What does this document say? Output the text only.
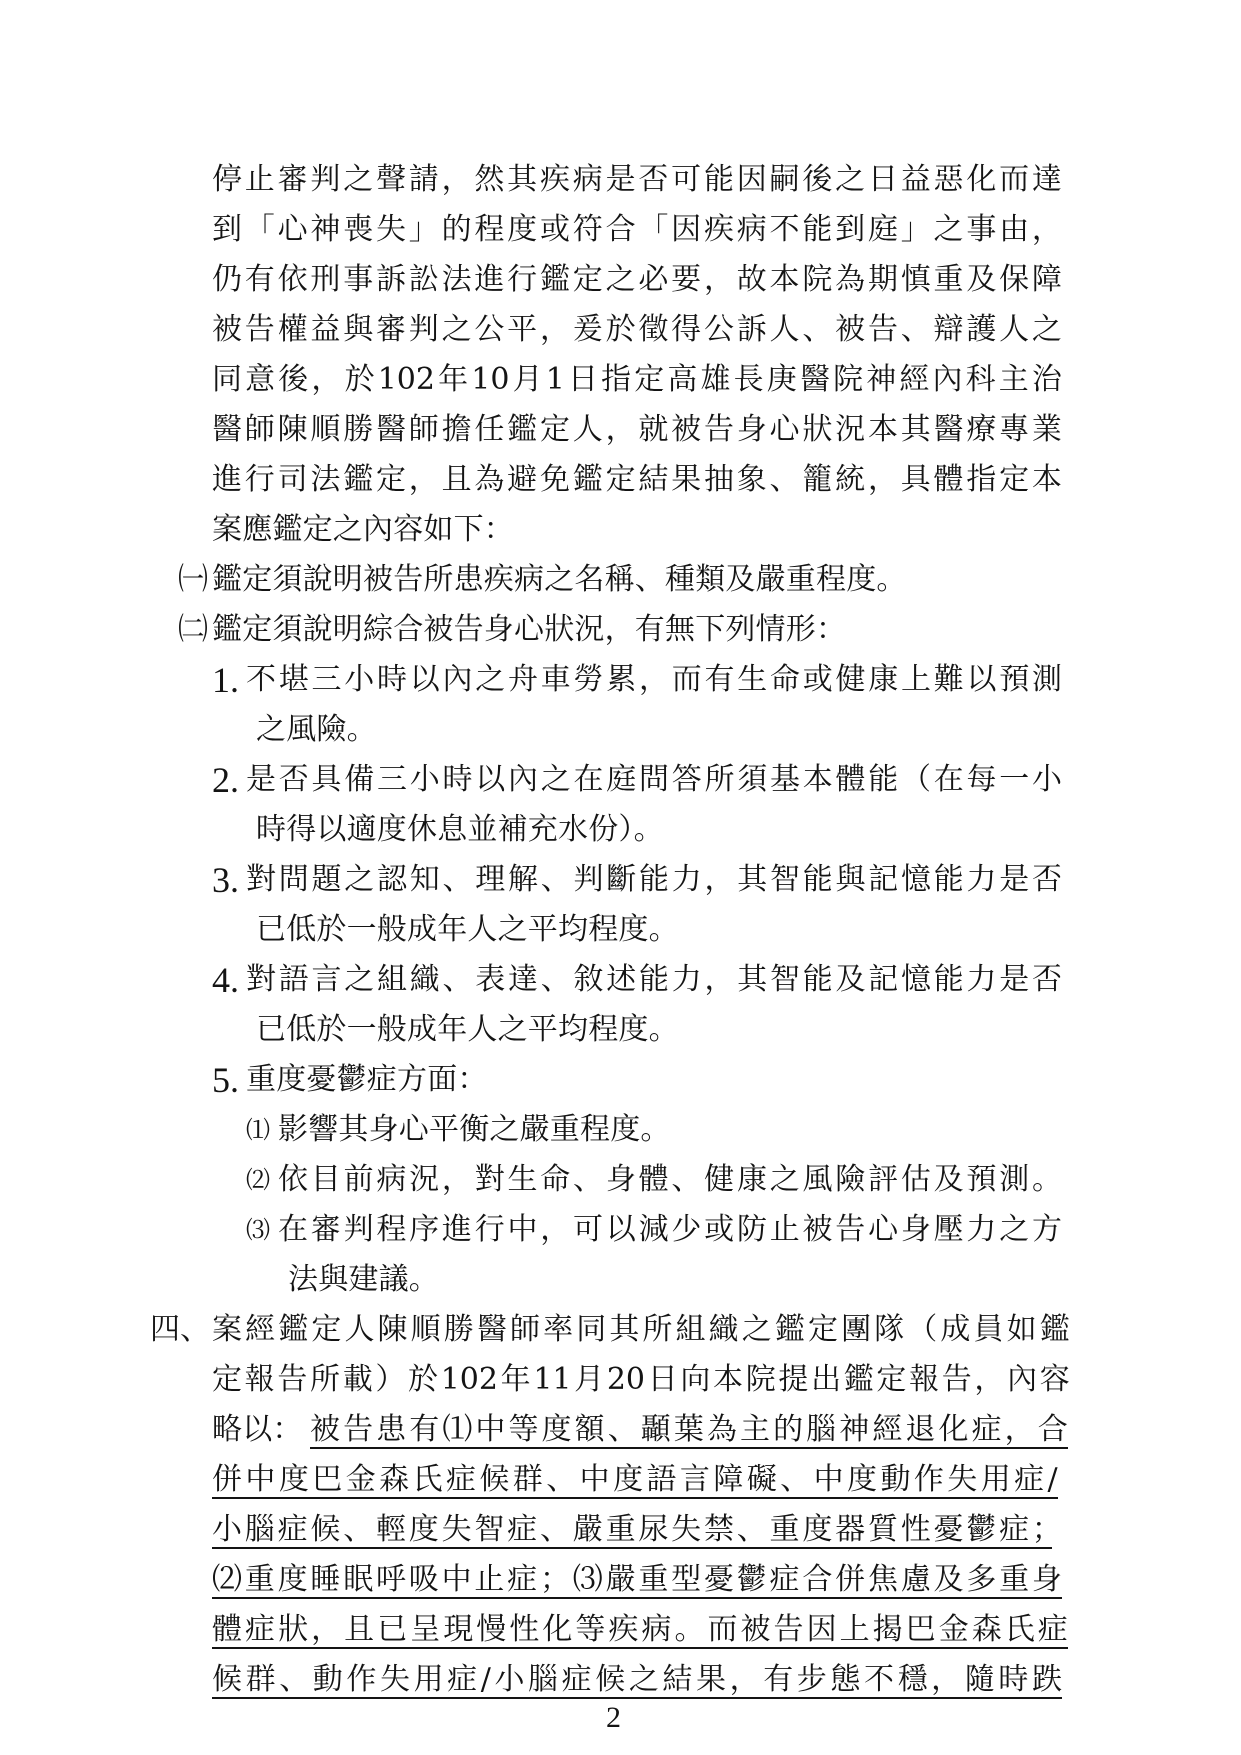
停 止 審 判 之 聲 請 ， 然 其 疾 病 是 否 可 能 因 嗣 後 之 日 益 惡 化 而 達
到 「 心 神 喪 失 」 的 程 度 或 符 合 「 因 疾 病 不 能 到 庭 」 之 事 由 ，
仍 有 依 刑 事 訴 訟 法 進 行 鑑 定 之 必 要 ， 故 本 院 為 期 慎 重 及 保 障
被 告 權 益 與 審 判 之 公 平 ， 爰 於 徵 得 公 訴 人 、 被 告 、 辯 護 人 之
同 意 後 ， 於 102 年 10 月 1 日 指 定 高 雄 長 庚 醫 院 神 經 內 科 主 治
醫 師 陳 順 勝 醫 師 擔 任 鑑 定 人 ， 就 被 告 身 心 狀 況 本 其 醫 療 專 業
進 行 司 法 鑑 定 ， 且 為 避 免 鑑 定 結 果 抽 象 、 籠 統 ， 具 體 指 定 本
案應鑑定之內容如下：
㈠ 鑑定須說明被告所患疾病之名稱、種類及嚴重程度。
㈡ 鑑定須說明綜合被告身心狀況，有無下列情形：
1. 不 堪 三 小 時 以 內 之 舟 車 勞 累 ， 而 有 生 命 或 健 康 上 難 以 預 測
之風險。
2. 是 否 具 備 三 小 時 以 內 之 在 庭 問 答 所 須 基 本 體 能 （ 在 每 一 小
時得以適度休息並補充水份）。
3. 對 問 題 之 認 知 、 理 解 、 判 斷 能 力 ， 其 智 能 與 記 憶 能 力 是 否
已低於一般成年人之平均程度。
4. 對 語 言 之 組 織 、 表 達 、 敘 述 能 力 ， 其 智 能 及 記 憶 能 力 是 否
已低於一般成年人之平均程度。
5. 重度憂鬱症方面：
⑴ 影響其身心平衡之嚴重程度。
⑵ 依 目 前 病 況 ， 對 生 命 、 身 體 、 健 康 之 風 險 評 估 及 預 測 。
⑶ 在 審 判 程 序 進 行 中 ， 可 以 減 少 或 防 止 被 告 心 身 壓 力 之 方
法與建議。
四、 案 經 鑑 定 人 陳 順 勝 醫 師 率 同 其 所 組 織 之 鑑 定 團 隊 （ 成 員 如 鑑
定 報 告 所 載 ） 於 102 年 11 月 20 日 向 本 院 提 出 鑑 定 報 告 ， 內 容
略以： 被 告 患 有 ⑴ 中 等 度 額 、 顳 葉 為 主 的 腦 神 經 退 化 症 ， 合
併 中 度 巴 金 森 氏 症 候 群 、 中 度 語 言 障 礙 、 中 度 動 作 失 用 症 /
小 腦 症 候 、 輕 度 失 智 症 、 嚴 重 尿 失 禁 、 重 度 器 質 性 憂 鬱 症 ；
⑵ 重 度 睡 眠 呼 吸 中 止 症 ； ⑶ 嚴 重 型 憂 鬱 症 合 併 焦 慮 及 多 重 身
體 症 狀 ， 且 已 呈 現 慢 性 化 等 疾 病 。 而 被 告 因 上 揭 巴 金 森 氏 症
候 群 、 動 作 失 用 症 / 小 腦 症 候 之 結 果 ， 有 步 態 不 穩 ， 隨 時 跌
2
